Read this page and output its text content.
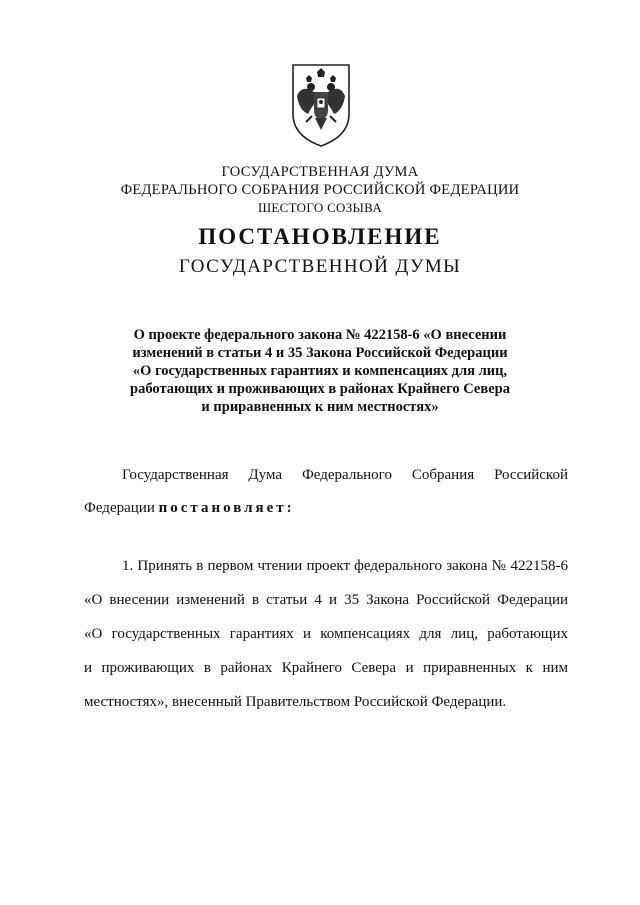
ГОСУДАРСТВЕННАЯ ДУМА
ФЕДЕРАЛЬНОГО СОБРАНИЯ РОССИЙСКОЙ ФЕДЕРАЦИИ
ШЕСТОГО СОЗЫВА
ПОСТАНОВЛЕНИЕ
ГОСУДАРСТВЕННОЙ ДУМЫ
О проекте федерального закона № 422158-6 «О внесении
изменений в статьи 4 и 35 Закона Российской Федерации
«О государственных гарантиях и компенсациях для лиц,
работающих и проживающих в районах Крайнего Севера
и приравненных к ним местностях»
Государственная Дума Федерального Собрания Российской
Федерации постановляет:
1. Принять в первом чтении проект федерального закона № 422158-6
«О внесении изменений в статьи 4 и 35 Закона Российской Федерации
«О государственных гарантиях и компенсациях для лиц, работающих
и проживающих в районах Крайнего Севера и приравненных к ним
местностях», внесенный Правительством Российской Федерации.
